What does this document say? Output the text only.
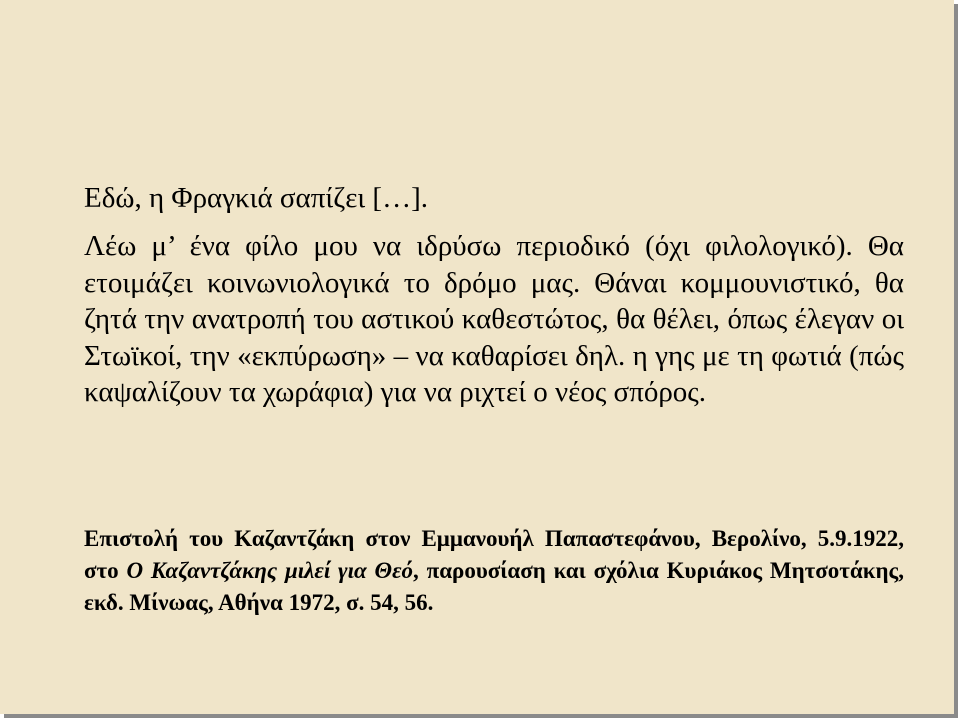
Εδώ, η Φραγκιά σαπίζει […].

Λέω μ’ ένα φίλο μου να ιδρύσω περιοδικό (όχι φιλολογικό). Θα ετοιμάζει κοινωνιολογικά το δρόμο μας. Θάναι κομμουνιστικό, θα ζητά την ανατροπή του αστικού καθεστώτος, θα θέλει, όπως έλεγαν οι Στωϊκοί, την «εκπύρωση» – να καθαρίσει δηλ. η γης με τη φωτιά (πώς καψαλίζουν τα χωράφια) για να ριχτεί ο νέος σπόρος.

Επιστολή του Καζαντζάκη στον Εμμανουήλ Παπαστεφάνου, Βερολίνο, 5.9.1922, στο Ο Καζαντζάκης μιλεί για Θεό, παρουσίαση και σχόλια Κυριάκος Μητσοτάκης, εκδ. Μίνωας, Αθήνα 1972, σ. 54, 56.
